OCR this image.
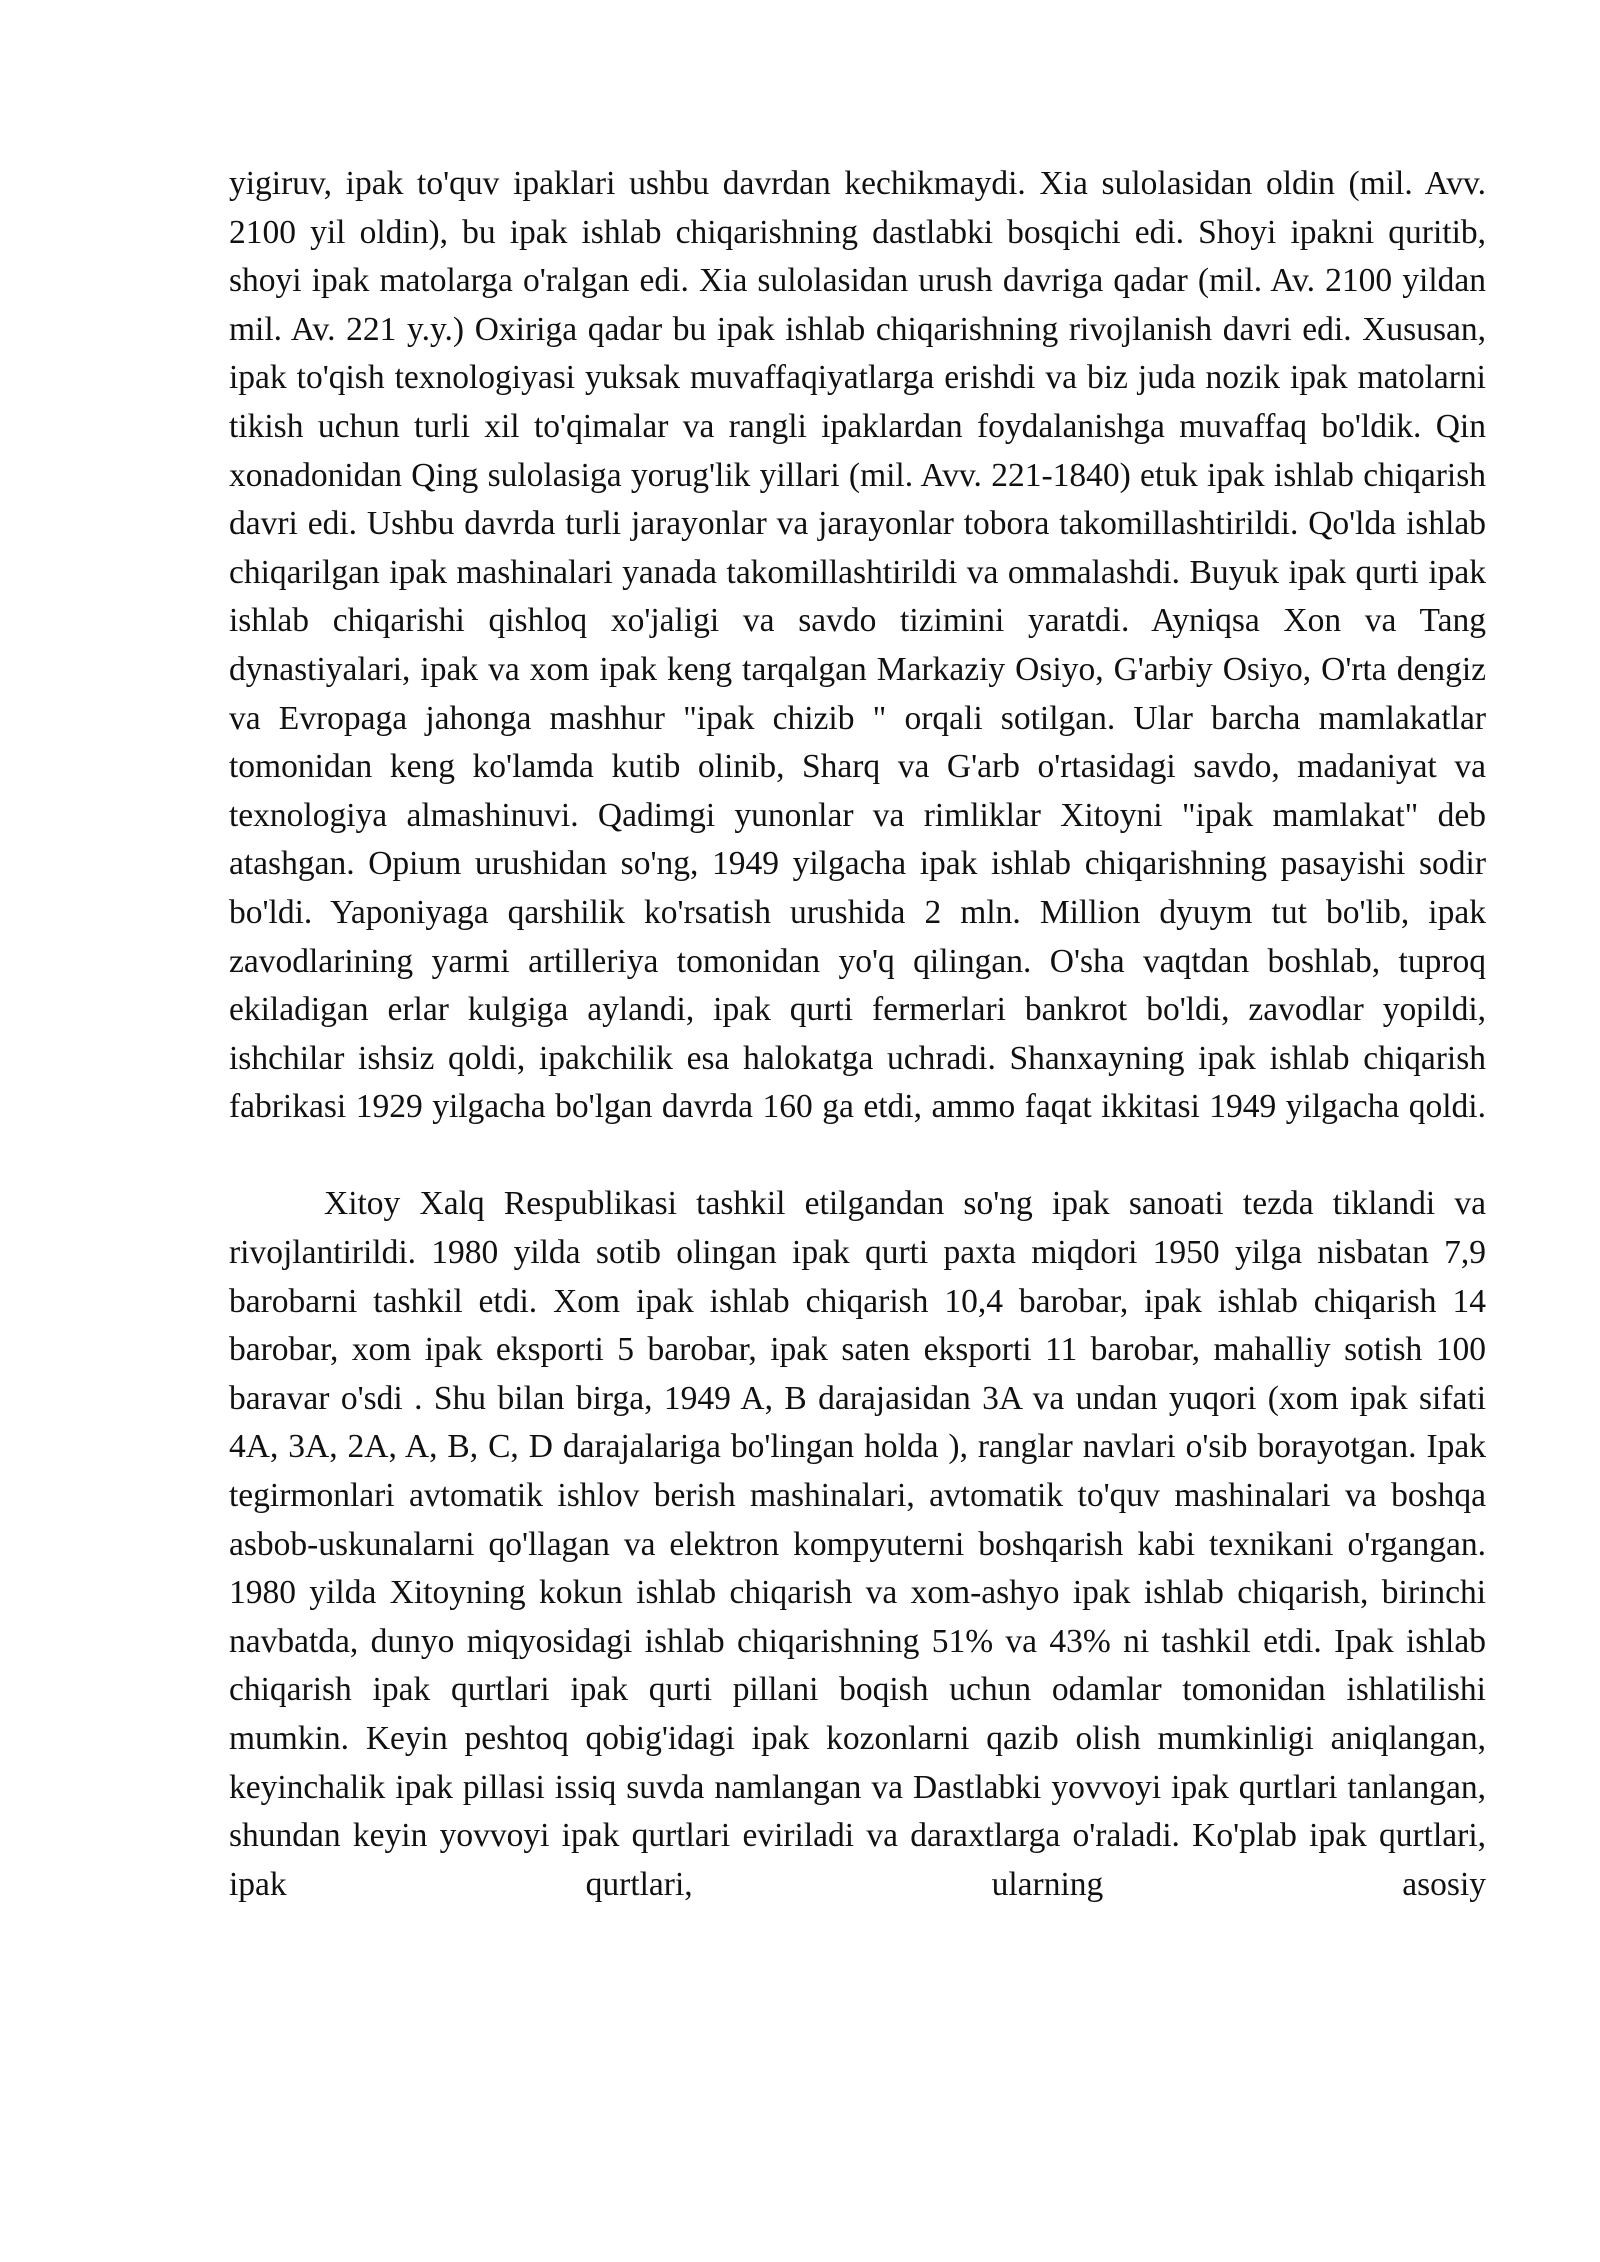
yigiruv, ipak to'quv ipaklari ushbu davrdan kechikmaydi. Xia sulolasidan oldin (mil. Avv. 2100 yil oldin), bu ipak ishlab chiqarishning dastlabki bosqichi edi. Shoyi ipakni quritib, shoyi ipak matolarga o'ralgan edi. Xia sulolasidan urush davriga qadar (mil. Av. 2100 yildan mil. Av. 221 y.y.) Oxiriga qadar bu ipak ishlab chiqarishning rivojlanish davri edi. Xususan, ipak to'qish texnologiyasi yuksak muvaffaqiyatlarga erishdi va biz juda nozik ipak matolarni tikish uchun turli xil to'qimalar va rangli ipaklardan foydalanishga muvaffaq bo'ldik. Qin xonadonidan Qing sulolasiga yorug'lik yillari (mil. Avv. 221-1840) etuk ipak ishlab chiqarish davri edi. Ushbu davrda turli jarayonlar va jarayonlar tobora takomillashtirildi. Qo'lda ishlab chiqarilgan ipak mashinalari yanada takomillashtirildi va ommalashdi. Buyuk ipak qurti ipak ishlab chiqarishi qishloq xo'jaligi va savdo tizimini yaratdi. Ayniqsa Xon va Tang dynastiyalari, ipak va xom ipak keng tarqalgan Markaziy Osiyo, G'arbiy Osiyo, O'rta dengiz va Evropaga jahonga mashhur "ipak chizib " orqali sotilgan. Ular barcha mamlakatlar tomonidan keng ko'lamda kutib olinib, Sharq va G'arb o'rtasidagi savdo, madaniyat va texnologiya almashinuvi. Qadimgi yunonlar va rimliklar Xitoyni "ipak mamlakat" deb atashgan. Opium urushidan so'ng, 1949 yilgacha ipak ishlab chiqarishning pasayishi sodir bo'ldi. Yaponiyaga qarshilik ko'rsatish urushida 2 mln. Million dyuym tut bo'lib, ipak zavodlarining yarmi artilleriya tomonidan yo'q qilingan. O'sha vaqtdan boshlab, tuproq ekiladigan erlar kulgiga aylandi, ipak qurti fermerlari bankrot bo'ldi, zavodlar yopildi, ishchilar ishsiz qoldi, ipakchilik esa halokatga uchradi. Shanxayning ipak ishlab chiqarish fabrikasi 1929 yilgacha bo'lgan davrda 160 ga etdi, ammo faqat ikkitasi 1949 yilgacha qoldi.

Xitoy Xalq Respublikasi tashkil etilgandan so'ng ipak sanoati tezda tiklandi va rivojlantirildi. 1980 yilda sotib olingan ipak qurti paxta miqdori 1950 yilga nisbatan 7,9 barobarni tashkil etdi. Xom ipak ishlab chiqarish 10,4 barobar, ipak ishlab chiqarish 14 barobar, xom ipak eksporti 5 barobar, ipak saten eksporti 11 barobar, mahalliy sotish 100 baravar o'sdi . Shu bilan birga, 1949 A, B darajasidan 3A va undan yuqori (xom ipak sifati 4A, 3A, 2A, A, B, C, D darajalariga bo'lingan holda ), ranglar navlari o'sib borayotgan. Ipak tegirmonlari avtomatik ishlov berish mashinalari, avtomatik to'quv mashinalari va boshqa asbob-uskunalarni qo'llagan va elektron kompyuterni boshqarish kabi texnikani o'rgangan. 1980 yilda Xitoyning kokun ishlab chiqarish va xom-ashyo ipak ishlab chiqarish, birinchi navbatda, dunyo miqyosidagi ishlab chiqarishning 51% va 43% ni tashkil etdi. Ipak ishlab chiqarish ipak qurtlari ipak qurti pillani boqish uchun odamlar tomonidan ishlatilishi mumkin. Keyin peshtoq qobig'idagi ipak kozonlarni qazib olish mumkinligi aniqlangan, keyinchalik ipak pillasi issiq suvda namlangan va Dastlabki yovvoyi ipak qurtlari tanlangan, shundan keyin yovvoyi ipak qurtlari eviriladi va daraxtlarga o'raladi. Ko'plab ipak qurtlari, ipak qurtlari, ularning asosiy
